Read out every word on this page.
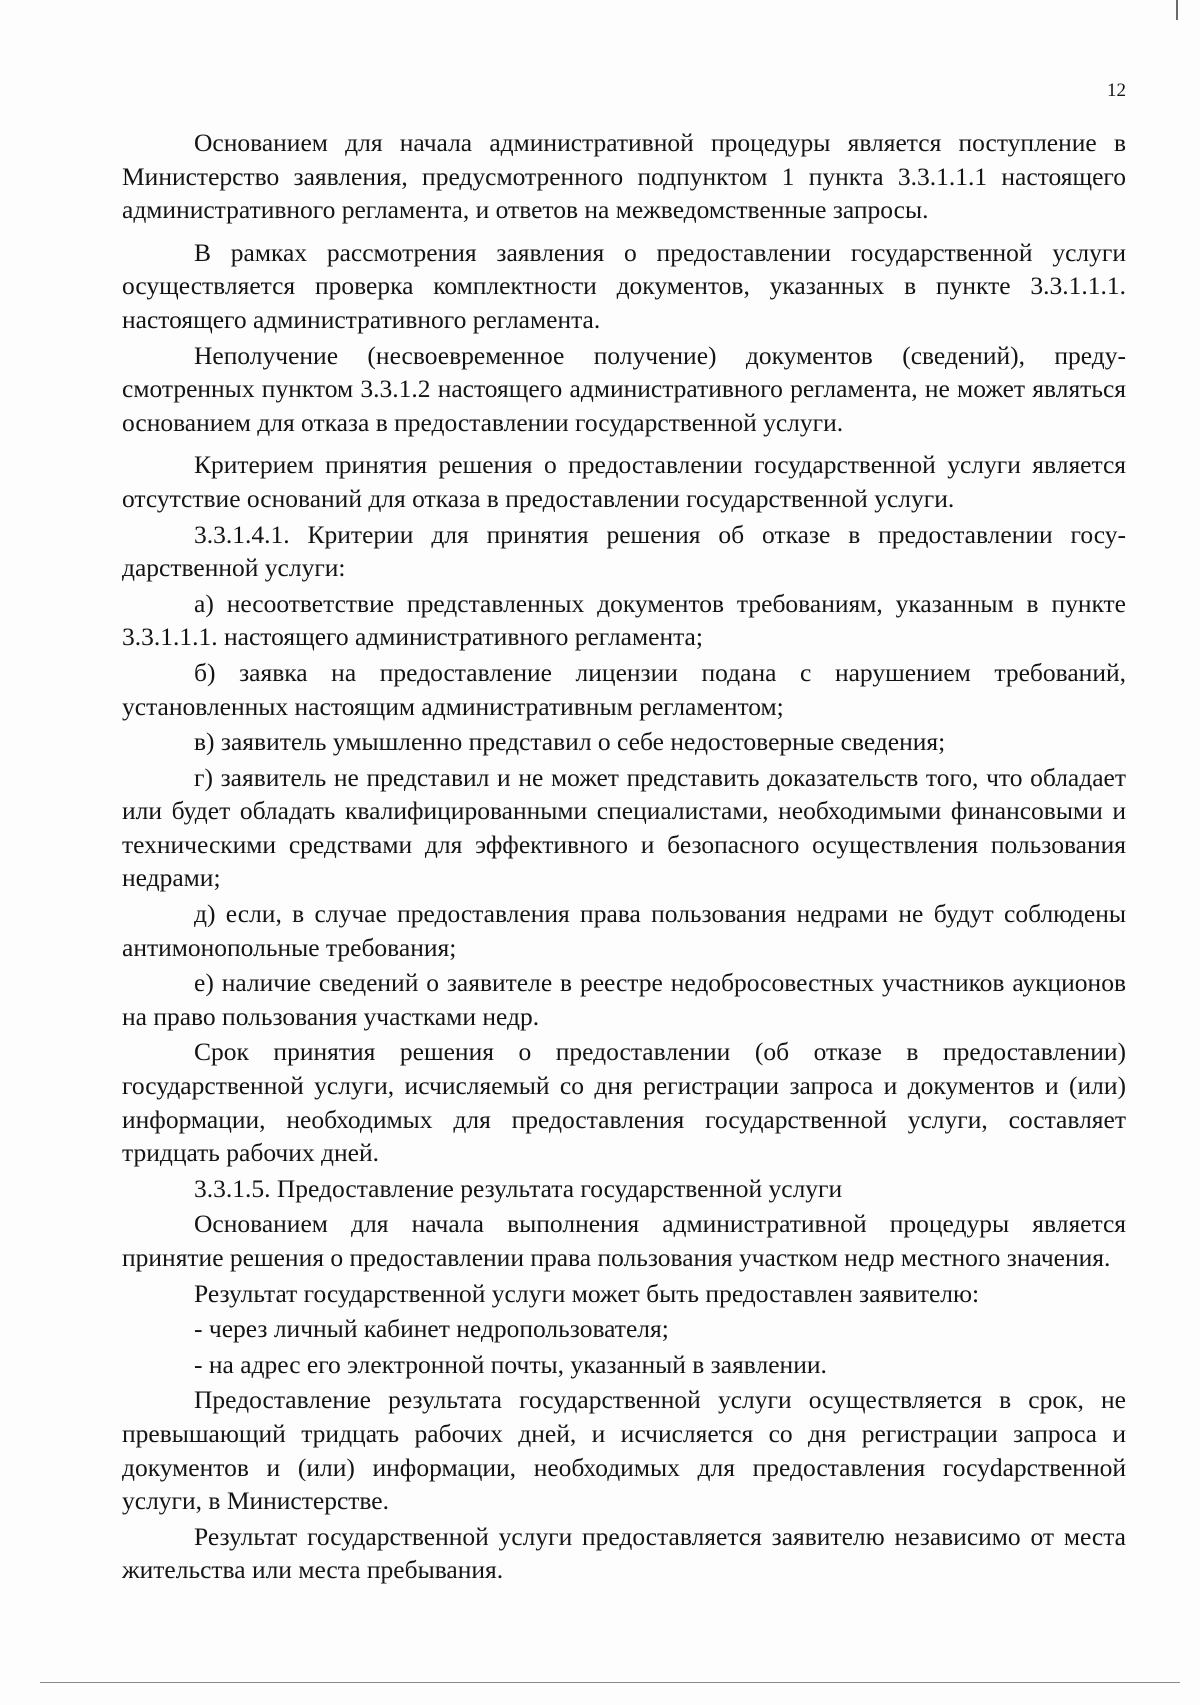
12

Основанием для начала административной процедуры является поступление в Министерство заявления, предусмотренного подпунктом 1 пункта 3.3.1.1.1 настоящего административного регламента, и ответов на межведомственные запросы.

В рамках рассмотрения заявления о предоставлении государственной услуги осуществляется проверка комплектности документов, указанных в пункте 3.3.1.1.1. настоящего административного регламента.

Неполучение (несвоевременное получение) документов (сведений), предусмотренных пунктом 3.3.1.2 настоящего административного регламента, не может являться основанием для отказа в предоставлении государственной услуги.

Критерием принятия решения о предоставлении государственной услуги является отсутствие оснований для отказа в предоставлении государственной услуги.

3.3.1.4.1. Критерии для принятия решения об отказе в предоставлении государственной услуги:

а) несоответствие представленных документов требованиям, указанным в пункте 3.3.1.1.1. настоящего административного регламента;

б) заявка на предоставление лицензии подана с нарушением требований, установленных настоящим административным регламентом;

в) заявитель умышленно представил о себе недостоверные сведения;

г) заявитель не представил и не может представить доказательств того, что обладает или будет обладать квалифицированными специалистами, необходимыми финансовыми и техническими средствами для эффективного и безопасного осуществления пользования недрами;

д) если, в случае предоставления права пользования недрами не будут соблюдены антимонопольные требования;

е) наличие сведений о заявителе в реестре недобросовестных участников аукционов на право пользования участками недр.

Срок принятия решения о предоставлении (об отказе в предоставлении) государственной услуги, исчисляемый со дня регистрации запроса и документов и (или) информации, необходимых для предоставления государственной услуги, составляет тридцать рабочих дней.

3.3.1.5. Предоставление результата государственной услуги

Основанием для начала выполнения административной процедуры является принятие решения о предоставлении права пользования участком недр местного значения.

Результат государственной услуги может быть предоставлен заявителю:

- через личный кабинет недропользователя;

- на адрес его электронной почты, указанный в заявлении.

Предоставление результата государственной услуги осуществляется в срок, не превышающий тридцать рабочих дней, и исчисляется со дня регистрации запроса и документов и (или) информации, необходимых для предоставления госуdарственной услуги, в Министерстве.

Результат государственной услуги предоставляется заявителю независимо от места жительства или места пребывания.
